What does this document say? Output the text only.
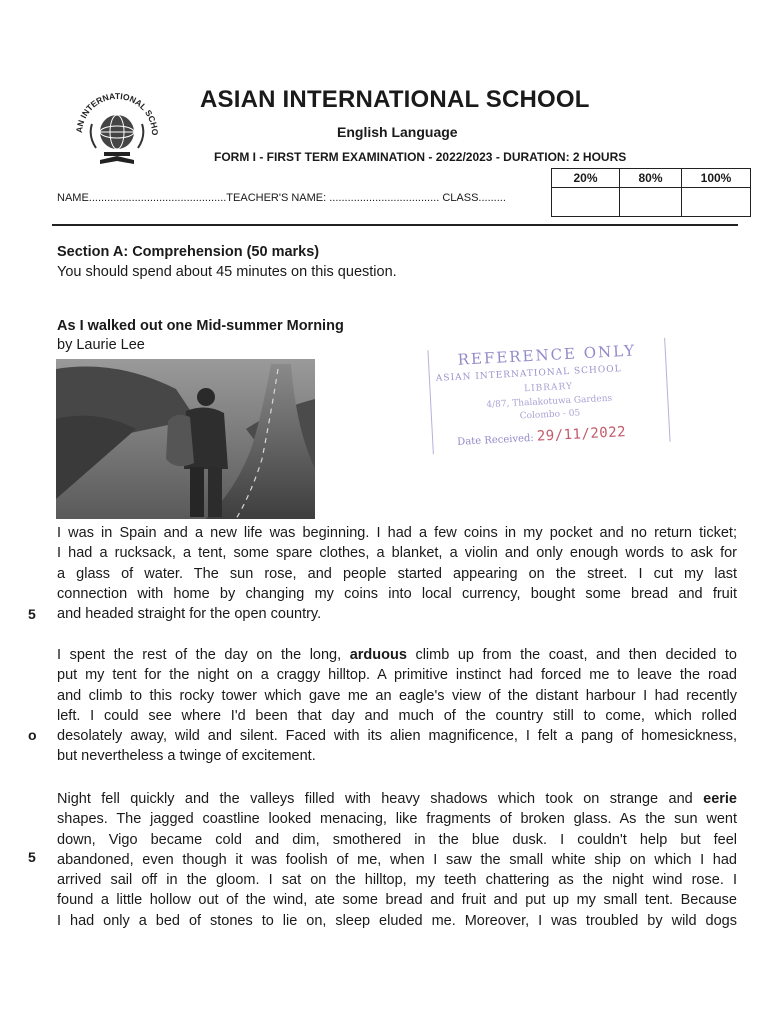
AN INTERNATIONAL SCHO
ASIAN INTERNATIONAL SCHOOL
English Language
FORM I - FIRST TERM EXAMINATION - 2022/2023 - DURATION: 2 HOURS
20%	80%	100%

NAME.............................................TEACHER'S NAME: .................................... CLASS.........
Section A: Comprehension (50 marks)
You should spend about 45 minutes on this question.
As I walked out one Mid-summer Morning
by Laurie Lee	REFERENCE ONLY
ASIAN INTERNATIONAL SCHOOL
LIBRARY
4/87, Thalakotuwa Gardens
Colombo - 05
Date Received: 29/11/2022
I was in Spain and a new life was beginning. I had a few coins in my pocket and no return ticket;
I had a rucksack, a tent, some spare clothes, a blanket, a violin and only enough words to ask for
a glass of water. The sun rose, and people started appearing on the street. I cut my last
connection with home by changing my coins into local currency, bought some bread and fruit
and headed straight for the open country.
5
I spent the rest of the day on the long, arduous climb up from the coast, and then decided to
put my tent for the night on a craggy hilltop. A primitive instinct had forced me to leave the road
and climb to this rocky tower which gave me an eagle's view of the distant harbour I had recently
left. I could see where I'd been that day and much of the country still to come, which rolled
desolately away, wild and silent. Faced with its alien magnificence, I felt a pang of homesickness,
but nevertheless a twinge of excitement.
o
Night fell quickly and the valleys filled with heavy shadows which took on strange and eerie
shapes. The jagged coastline looked menacing, like fragments of broken glass. As the sun went
down, Vigo became cold and dim, smothered in the blue dusk. I couldn't help but feel
abandoned, even though it was foolish of me, when I saw the small white ship on which I had
arrived sail off in the gloom. I sat on the hilltop, my teeth chattering as the night wind rose. I
found a little hollow out of the wind, ate some bread and fruit and put up my small tent. Because
I had only a bed of stones to lie on, sleep eluded me. Moreover, I was troubled by wild dogs
5
